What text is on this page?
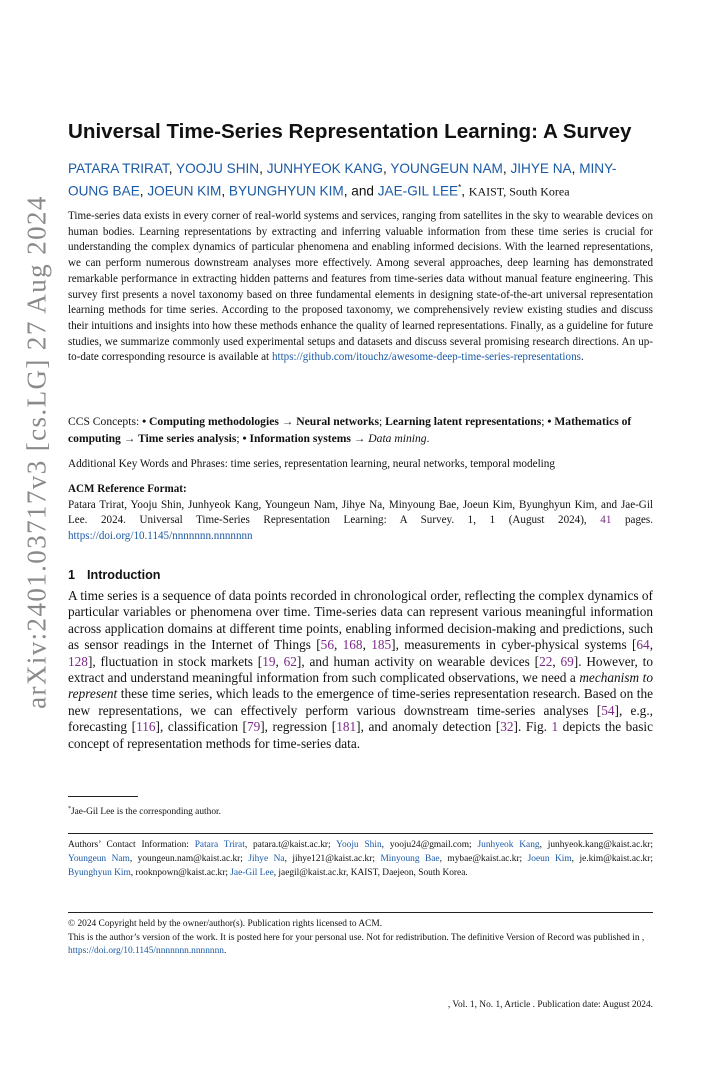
arXiv:2401.03717v3 [cs.LG] 27 Aug 2024
Universal Time-Series Representation Learning: A Survey
PATARA TRIRAT, YOOJU SHIN, JUNHYEOK KANG, YOUNGEUN NAM, JIHYE NA, MINY-OUNG BAE, JOEUN KIM, BYUNGHYUN KIM, and JAE-GIL LEE*, KAIST, South Korea

Time-series data exists in every corner of real-world systems and services, ranging from satellites in the sky to wearable devices on human bodies. Learning representations by extracting and inferring valuable information from these time series is crucial for understanding the complex dynamics of particular phenomena and enabling informed decisions. With the learned representations, we can perform numerous downstream analyses more effectively. Among several approaches, deep learning has demonstrated remarkable performance in extracting hidden patterns and features from time-series data without manual feature engineering. This survey first presents a novel taxonomy based on three fundamental elements in designing state-of-the-art universal representation learning methods for time series. According to the proposed taxonomy, we comprehensively review existing studies and discuss their intuitions and insights into how these methods enhance the quality of learned representations. Finally, as a guideline for future studies, we summarize commonly used experimental setups and datasets and discuss several promising research directions. An up-to-date corresponding resource is available at https://github.com/itouchz/awesome-deep-time-series-representations.

CCS Concepts: • Computing methodologies → Neural networks; Learning latent representations; • Mathematics of computing → Time series analysis; • Information systems → Data mining.

Additional Key Words and Phrases: time series, representation learning, neural networks, temporal modeling

ACM Reference Format:
Patara Trirat, Yooju Shin, Junhyeok Kang, Youngeun Nam, Jihye Na, Minyoung Bae, Joeun Kim, Byunghyun Kim, and Jae-Gil Lee. 2024. Universal Time-Series Representation Learning: A Survey. 1, 1 (August 2024), 41 pages. https://doi.org/10.1145/nnnnnnn.nnnnnnn

1 Introduction

A time series is a sequence of data points recorded in chronological order, reflecting the complex dynamics of particular variables or phenomena over time. Time-series data can represent various meaningful information across application domains at different time points, enabling informed decision-making and predictions, such as sensor readings in the Internet of Things [56, 168, 185], measurements in cyber-physical systems [64, 128], fluctuation in stock markets [19, 62], and human activity on wearable devices [22, 69]. However, to extract and understand meaningful information from such complicated observations, we need a mechanism to represent these time series, which leads to the emergence of time-series representation research. Based on the new representations, we can effectively perform various downstream time-series analyses [54], e.g., forecasting [116], classification [79], regression [181], and anomaly detection [32]. Fig. 1 depicts the basic concept of representation methods for time-series data.

*Jae-Gil Lee is the corresponding author.

Authors’ Contact Information: Patara Trirat, patara.t@kaist.ac.kr; Yooju Shin, yooju24@gmail.com; Junhyeok Kang, junhyeok.kang@kaist.ac.kr; Youngeun Nam, youngeun.nam@kaist.ac.kr; Jihye Na, jihye121@kaist.ac.kr; Minyoung Bae, mybae@kaist.ac.kr; Joeun Kim, je.kim@kaist.ac.kr; Byunghyun Kim, rooknpown@kaist.ac.kr; Jae-Gil Lee, jaegil@kaist.ac.kr, KAIST, Daejeon, South Korea.

© 2024 Copyright held by the owner/author(s). Publication rights licensed to ACM.
This is the author’s version of the work. It is posted here for your personal use. Not for redistribution. The definitive Version of Record was published in , https://doi.org/10.1145/nnnnnnn.nnnnnnn.

, Vol. 1, No. 1, Article . Publication date: August 2024.
